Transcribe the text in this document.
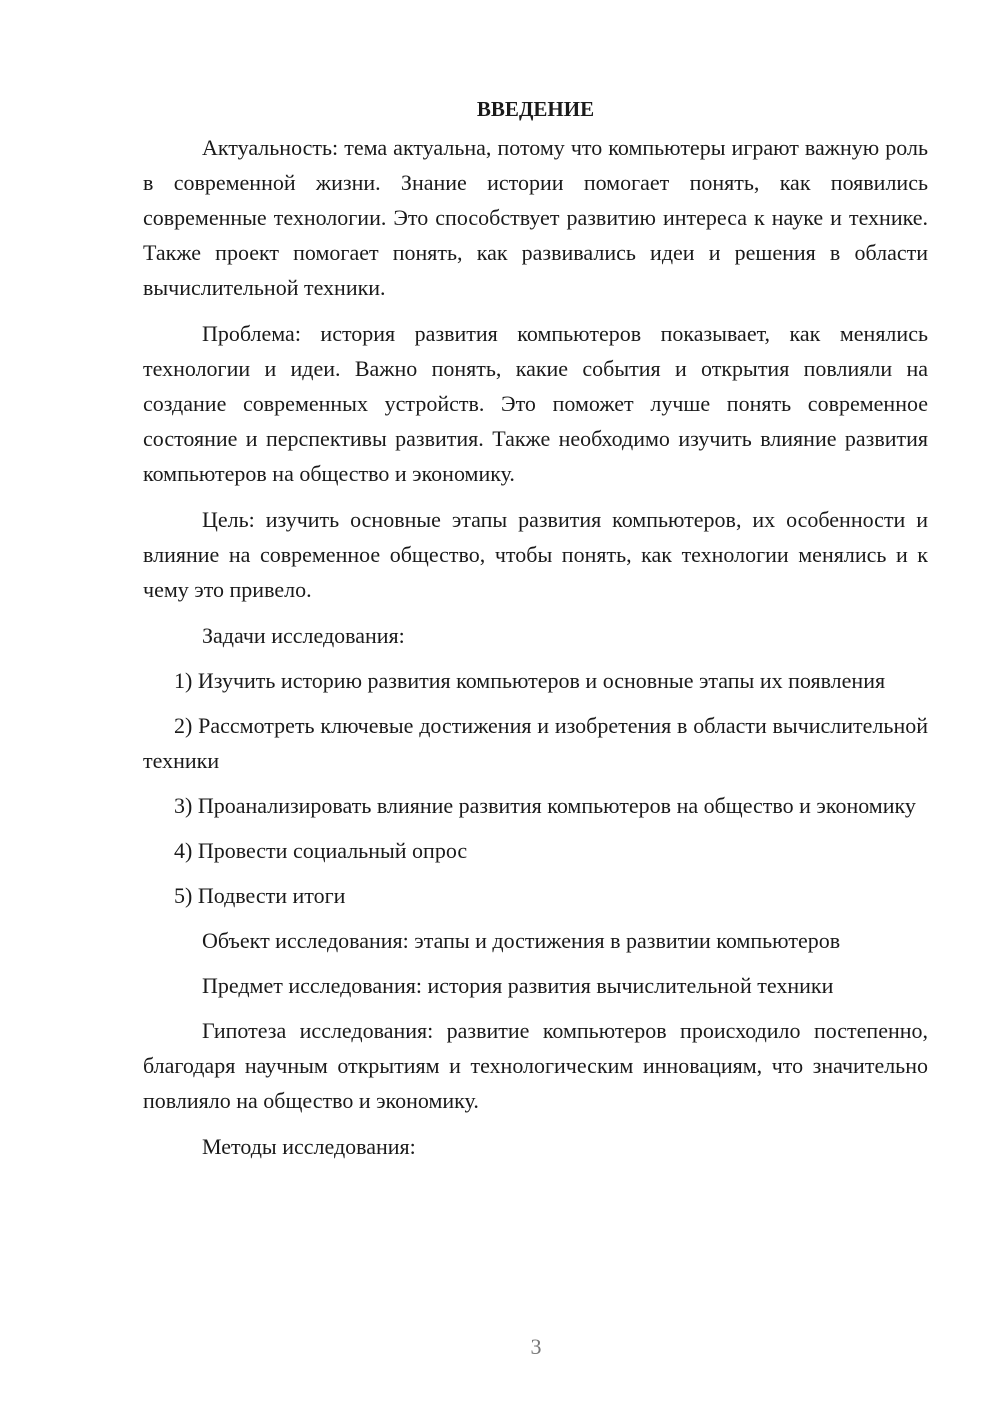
ВВЕДЕНИЕ

Актуальность: тема актуальна, потому что компьютеры играют важную роль в современной жизни. Знание истории помогает понять, как появились современные технологии. Это способствует развитию интереса к науке и технике. Также проект помогает понять, как развивались идеи и решения в области вычислительной техники.

Проблема: история развития компьютеров показывает, как менялись технологии и идеи. Важно понять, какие события и открытия повлияли на создание современных устройств. Это поможет лучше понять современное состояние и перспективы развития. Также необходимо изучить влияние развития компьютеров на общество и экономику.

Цель: изучить основные этапы развития компьютеров, их особенности и влияние на современное общество, чтобы понять, как технологии менялись и к чему это привело.

Задачи исследования:

1) Изучить историю развития компьютеров и основные этапы их появления

2) Рассмотреть ключевые достижения и изобретения в области вычислительной техники

3) Проанализировать влияние развития компьютеров на общество и экономику

4) Провести социальный опрос

5) Подвести итоги

Объект исследования: этапы и достижения в развитии компьютеров

Предмет исследования: история развития вычислительной техники

Гипотеза исследования: развитие компьютеров происходило постепенно, благодаря научным открытиям и технологическим инновациям, что значительно повлияло на общество и экономику.

Методы исследования:

3
